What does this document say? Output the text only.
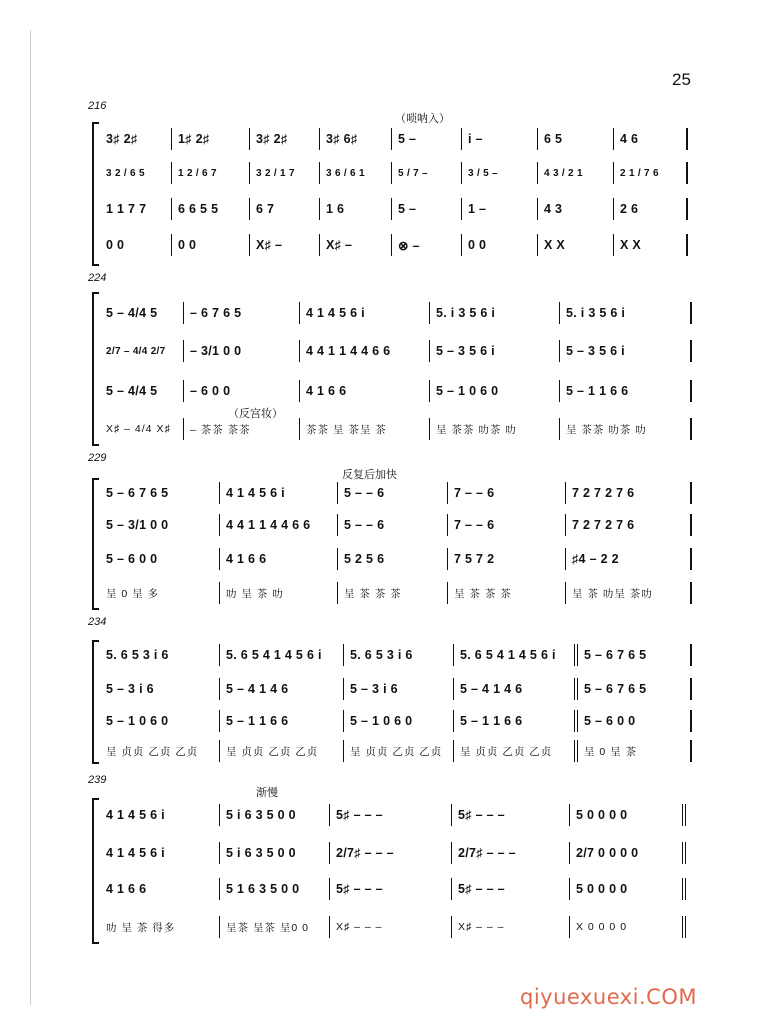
25
216
（唢呐入）
3♯ 2♯	1♯ 2♯	3♯ 2♯	3♯ 6♯	5 –	i –	6 5	4 6
3 2 / 6 5	1 2 / 6 7	3 2 / 1 7	3 6 / 6 1	5 / 7 –	3 / 5 –	4 3 / 2 1	2 1 / 7 6
1 1 7 7	6 6 5 5	6 7	1 6	5 –	1 –	4 3	2 6
0 0	0 0	X♯ –	X♯ –	⊗ –	0 0	X X	X X
224
（反宫妆）
5 – 4/4 5	– 6 7 6 5	4 1 4 5 6 i	5. i 3 5 6 i	5. i 3 5 6 i
2/7 – 4/4 2/7	– 3/1 0 0	4 4 1 1 4 4 6 6	5 – 3 5 6 i	5 – 3 5 6 i
5 – 4/4 5	– 6 0 0	4 1 6 6	5 – 1 0 6 0	5 – 1 1 6 6
X♯ – 4/4 X♯	– 茶茶 茶茶	茶茶 呈 茶呈 茶	呈 茶茶 叻茶 叻	呈 茶茶 叻茶 叻
229
反复后加快
5 – 6 7 6 5	4 1 4 5 6 i	5 – – 6	7 – – 6	7 2 7 2 7 6
5 – 3/1 0 0	4 4 1 1 4 4 6 6	5 – – 6	7 – – 6	7 2 7 2 7 6
5 – 6 0 0	4 1 6 6	5 2 5 6	7 5 7 2	♯4 – 2 2
呈 0 呈 多	叻 呈 茶 叻	呈 茶 茶 茶	呈 茶 茶 茶	呈 茶 叻呈 茶叻
234
5. 6 5 3 i 6	5. 6 5 4 1 4 5 6 i	5. 6 5 3 i 6	5. 6 5 4 1 4 5 6 i	5 – 6 7 6 5
5 – 3 i 6	5 – 4 1 4 6	5 – 3 i 6	5 – 4 1 4 6	5 – 6 7 6 5
5 – 1 0 6 0	5 – 1 1 6 6	5 – 1 0 6 0	5 – 1 1 6 6	5 – 6 0 0
呈 贞贞 乙贞 乙贞	呈 贞贞 乙贞 乙贞	呈 贞贞 乙贞 乙贞	呈 贞贞 乙贞 乙贞	呈 0 呈 茶
239
渐慢
4 1 4 5 6 i	5 i 6 3 5 0 0	5♯ – – –	5♯ – – –	5 0 0 0 0
4 1 4 5 6 i	5 i 6 3 5 0 0	2/7♯ – – –	2/7♯ – – –	2/7 0 0 0 0
4 1 6 6	5 1 6 3 5 0 0	5♯ – – –	5♯ – – –	5 0 0 0 0
叻 呈 茶 得多	呈茶 呈茶 呈0 0	X♯ – – –	X♯ – – –	X 0 0 0 0
qiyuexuexi.COM
